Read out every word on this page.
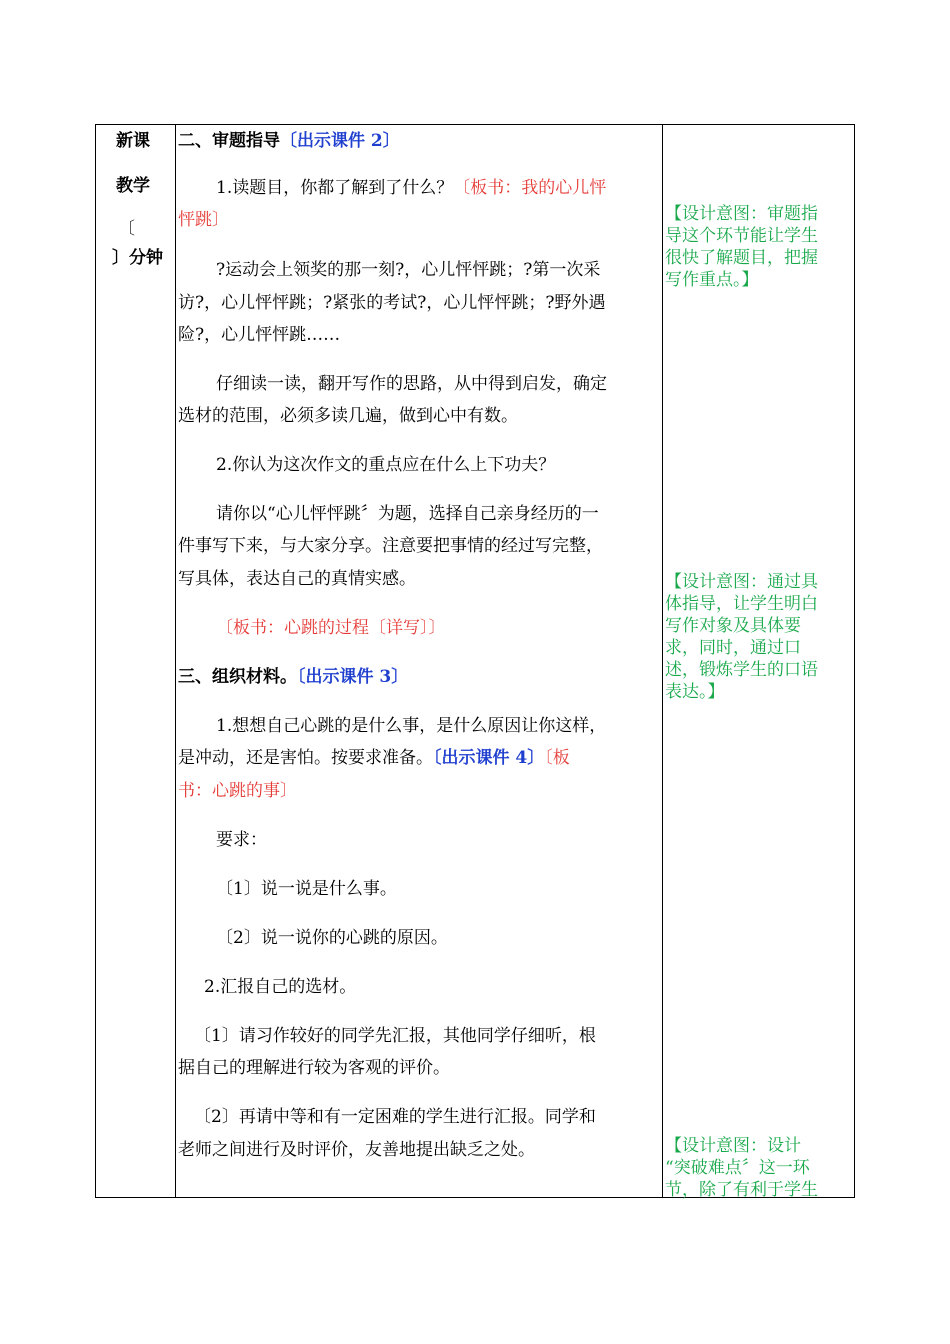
新课
教学
〔
〕分钟
二、审题指导〔出示课件 2〕
1.读题目，你都了解到了什么？〔板书：我的心儿怦
怦跳〕
?运动会上领奖的那一刻?，心儿怦怦跳；?第一次采
访?，心儿怦怦跳；?紧张的考试?，心儿怦怦跳；?野外遇
险?，心儿怦怦跳……
仔细读一读，翻开写作的思路，从中得到启发，确定
选材的范围，必须多读几遍，做到心中有数。
2.你认为这次作文的重点应在什么上下功夫？
请你以“心儿怦怦跳〞为题，选择自己亲身经历的一
件事写下来，与大家分享。注意要把事情的经过写完整，
写具体，表达自己的真情实感。
〔板书：心跳的过程〔详写〕〕
三、组织材料。〔出示课件 3〕
1.想想自己心跳的是什么事，是什么原因让你这样，
是冲动，还是害怕。按要求准备。〔出示课件 4〕〔板
书：心跳的事〕
要求：
〔1〕说一说是什么事。
〔2〕说一说你的心跳的原因。
2.汇报自己的选材。
〔1〕请习作较好的同学先汇报，其他同学仔细听，根
据自己的理解进行较为客观的评价。
〔2〕再请中等和有一定困难的学生进行汇报。同学和
老师之间进行及时评价，友善地提出缺乏之处。
【设计意图：审题指
导这个环节能让学生
很快了解题目，把握
写作重点。】
【设计意图：通过具
体指导，让学生明白
写作对象及具体要
求，同时，通过口
述，锻炼学生的口语
表达。】
【设计意图：设计
“突破难点〞这一环
节，除了有利于学生
